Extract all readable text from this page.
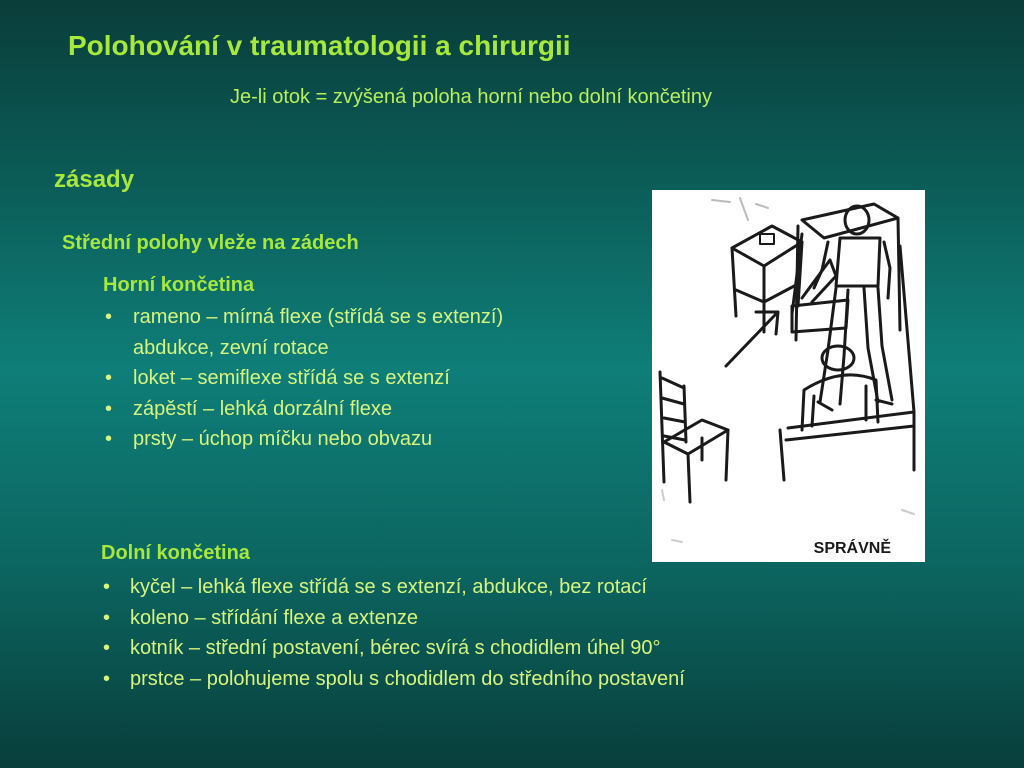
Polohování v traumatologii a chirurgii
Je-li otok = zvýšená poloha horní nebo dolní končetiny
zásady
Střední polohy vleže na zádech
Horní končetina
• rameno – mírná flexe (střídá se s extenzí)
abdukce, zevní rotace
• loket – semiflexe střídá se s extenzí
• zápěstí – lehká dorzální flexe
• prsty – úchop míčku nebo obvazu
Dolní končetina
• kyčel – lehká flexe střídá se s extenzí, abdukce, bez rotací
• koleno – střídání flexe a extenze
• kotník – střední postavení, bérec svírá s chodidlem úhel 90°
• prstce – polohujeme spolu s chodidlem do středního postavení
SPRÁVNĚ
